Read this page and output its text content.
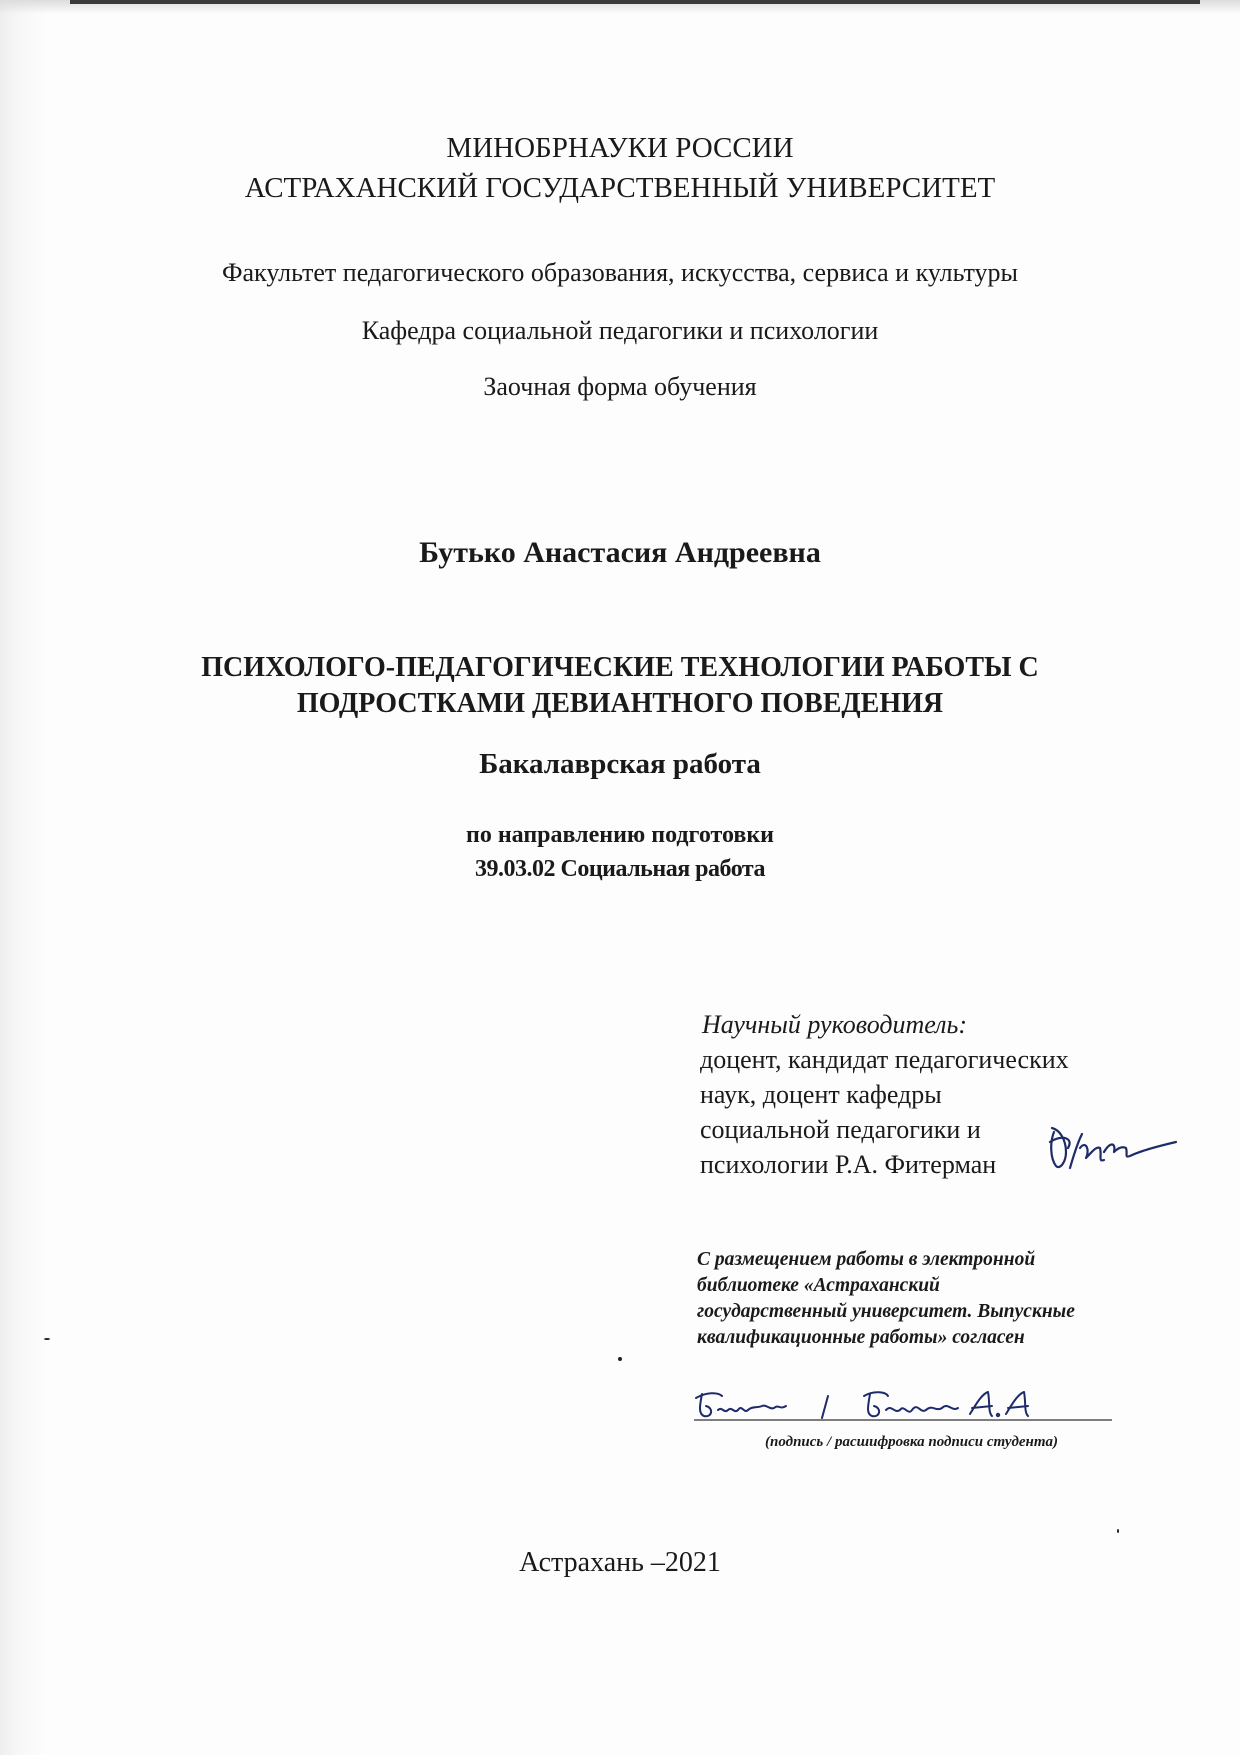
МИНОБРНАУКИ РОССИИ
АСТРАХАНСКИЙ ГОСУДАРСТВЕННЫЙ УНИВЕРСИТЕТ
Факультет педагогического образования, искусства, сервиса и культуры
Кафедра социальной педагогики и психологии
Заочная форма обучения
Бутько Анастасия Андреевна
ПСИХОЛОГО-ПЕДАГОГИЧЕСКИЕ ТЕХНОЛОГИИ РАБОТЫ С
ПОДРОСТКАМИ ДЕВИАНТНОГО ПОВЕДЕНИЯ
Бакалаврская работа
по направлению подготовки
39.03.02 Социальная работа
Научный руководитель:
доцент, кандидат педагогических
наук, доцент кафедры
социальной педагогики и
психологии Р.А. Фитерман
С размещением работы в электронной
библиотеке «Астраханский
государственный университет. Выпускные
квалификационные работы» согласен
(подпись / расшифровка подписи студента)
Астрахань –2021
